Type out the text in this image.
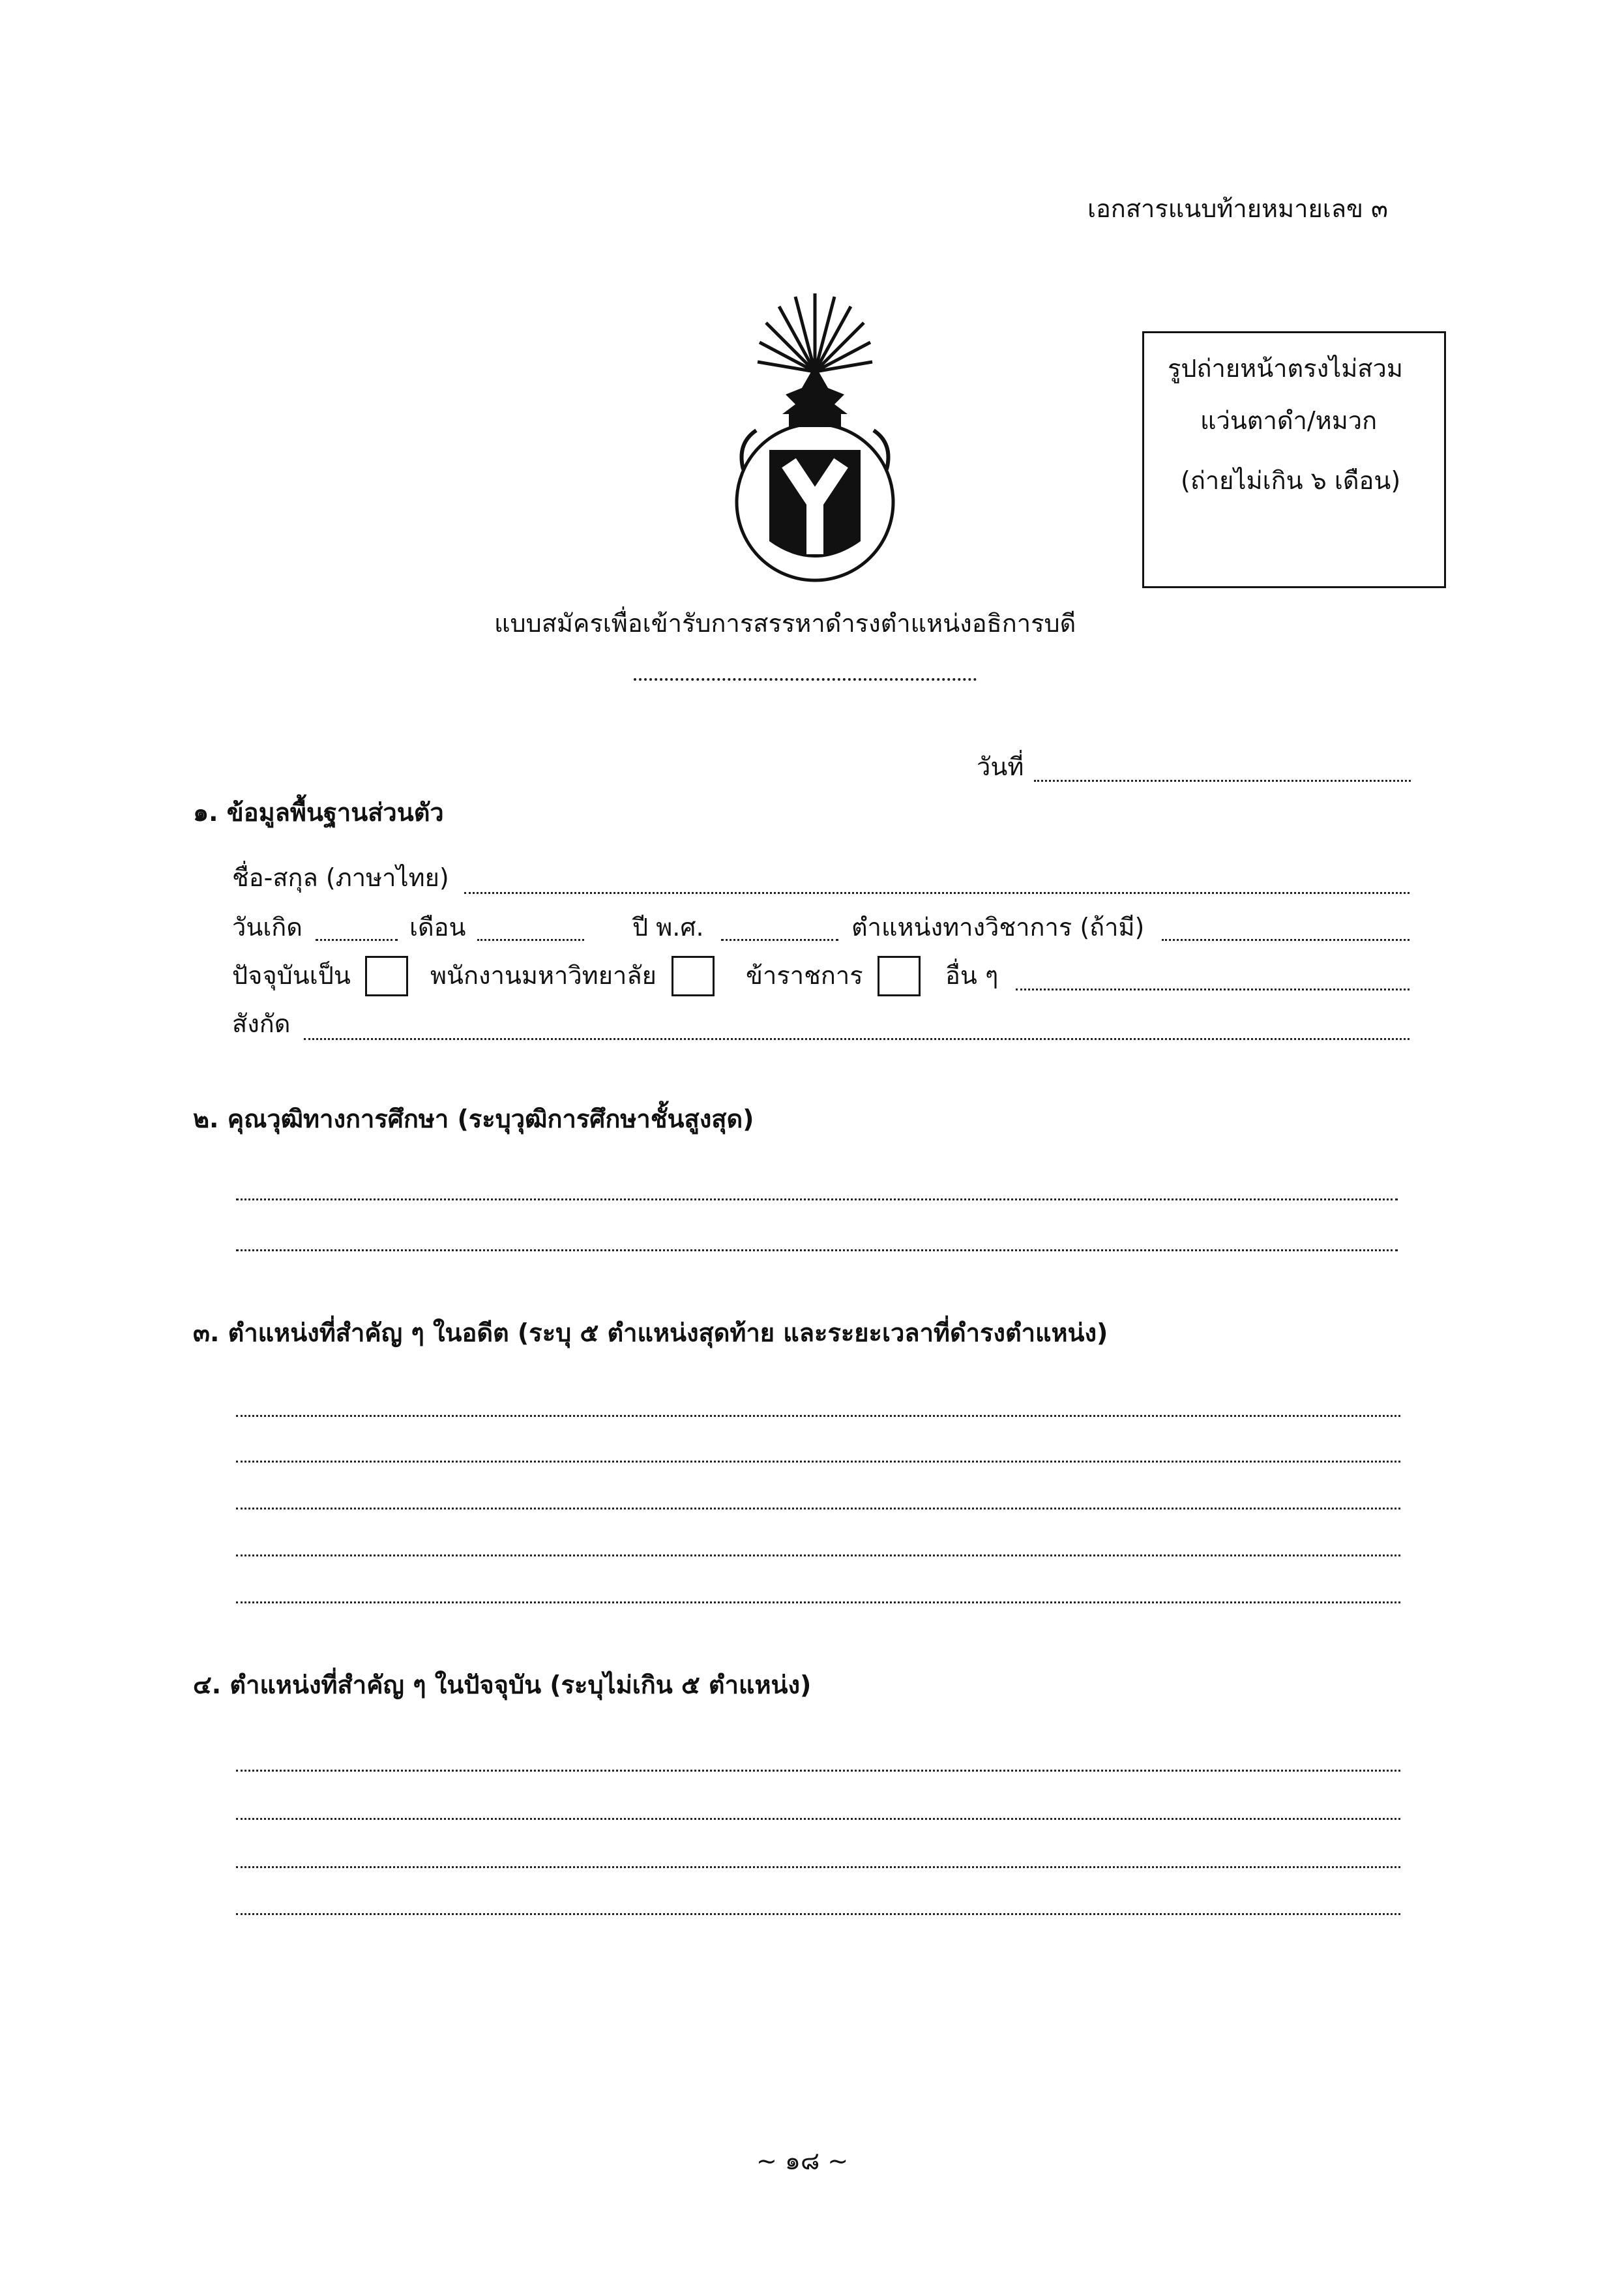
เอกสารแนบท้ายหมายเลข ๓
รูปถ่ายหน้าตรงไม่สวม
แว่นตาดำ/หมวก
(ถ่ายไม่เกิน ๖ เดือน)
แบบสมัครเพื่อเข้ารับการสรรหาดำรงตำแหน่งอธิการบดี
วันที่
๑. ข้อมูลพื้นฐานส่วนตัว
ชื่อ-สกุล (ภาษาไทย)
วันเกิด	เดือน	ปี พ.ศ.	ตำแหน่งทางวิชาการ (ถ้ามี)
ปัจจุบันเป็น	พนักงานมหาวิทยาลัย	ข้าราชการ	อื่น ๆ
สังกัด
๒. คุณวุฒิทางการศึกษา (ระบุวุฒิการศึกษาชั้นสูงสุด)
๓. ตำแหน่งที่สำคัญ ๆ ในอดีต (ระบุ ๕ ตำแหน่งสุดท้าย และระยะเวลาที่ดำรงตำแหน่ง)
๔. ตำแหน่งที่สำคัญ ๆ ในปัจจุบัน (ระบุไม่เกิน ๕ ตำแหน่ง)
~ ๑๘ ~
